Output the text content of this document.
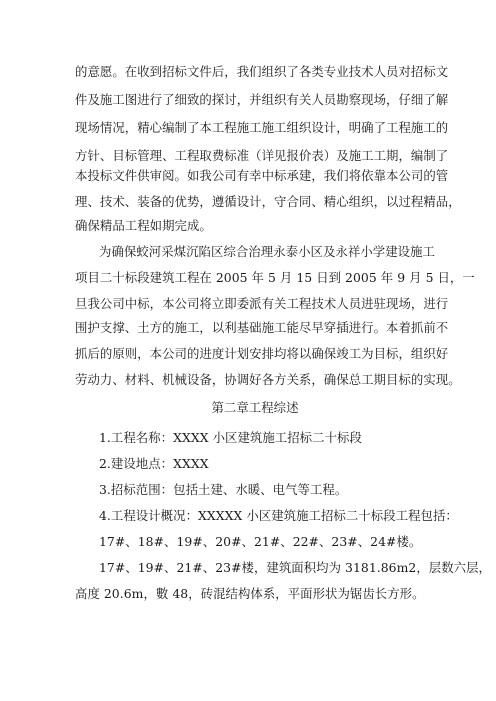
的意愿。在收到招标文件后，我们组织了各类专业技术人员对招标文
件及施工图进行了细致的探讨，并组织有关人员勘察现场，仔细了解
现场情况，精心编制了本工程施工施工组织设计，明确了工程施工的
方针、目标管理、工程取费标准（详见报价表）及施工工期，编制了
本投标文件供审阅。如我公司有幸中标承建，我们将依靠本公司的管
理、技术、装备的优势，遵循设计，守合同、精心组织，以过程精品，
确保精品工程如期完成。
为确保蛟河采煤沉陷区综合治理永泰小区及永祥小学建设施工
项目二十标段建筑工程在 2005 年 5 月 15 日到 2005 年 9 月 5 日，一
旦我公司中标，本公司将立即委派有关工程技术人员进驻现场，进行
围护支撑、土方的施工，以利基础施工能尽早穿插进行。本着抓前不
抓后的原则，本公司的进度计划安排均将以确保竣工为目标，组织好
劳动力、材料、机械设备，协调好各方关系，确保总工期目标的实现。
第二章工程综述
1.工程名称：XXXX 小区建筑施工招标二十标段
2.建设地点：XXXX
3.招标范围：包括土建、水暖、电气等工程。
4.工程设计概况：XXXXX 小区建筑施工招标二十标段工程包括：
17#、18#、19#、20#、21#、22#、23#、24#楼。
17#、19#、21#、23#楼，建筑面积均为 3181.86m2，层数六层，
高度 20.6m，數 48，砖混结构体系，平面形状为锯齿长方形。
